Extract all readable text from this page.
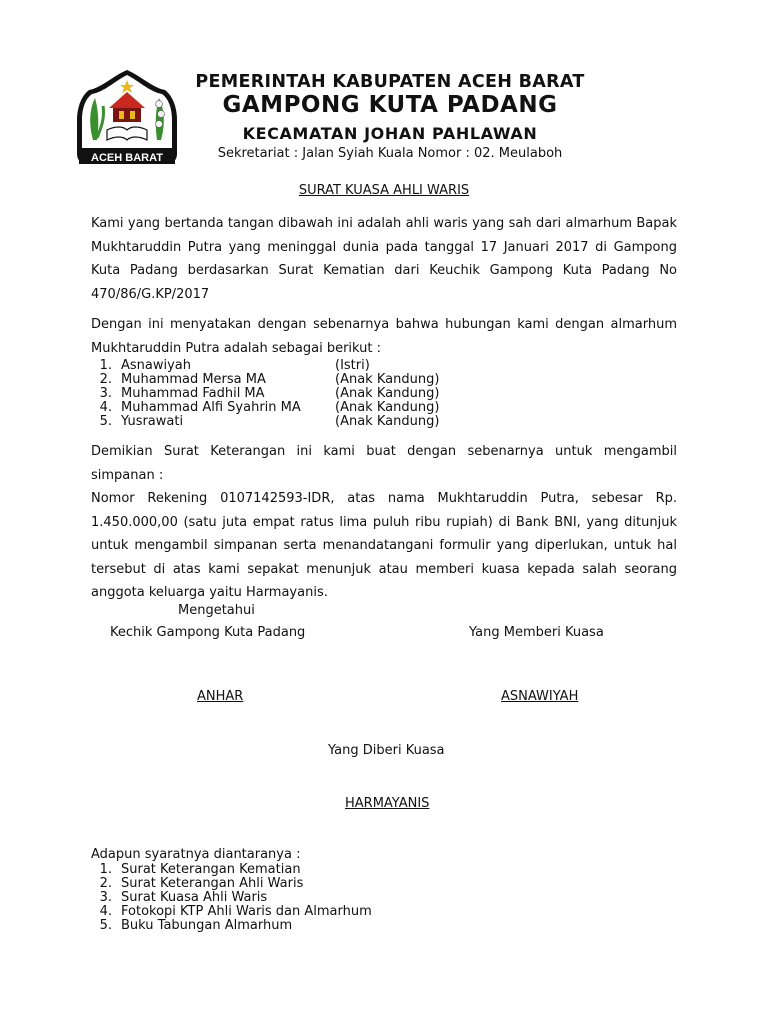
ACEH BARAT
PEMERINTAH KABUPATEN ACEH BARAT
GAMPONG KUTA PADANG
KECAMATAN JOHAN PAHLAWAN
Sekretariat : Jalan Syiah Kuala Nomor : 02. Meulaboh
SURAT KUASA AHLI WARIS
Kami yang bertanda tangan dibawah ini adalah ahli waris yang sah dari almarhum Bapak Mukhtaruddin Putra yang meninggal dunia pada tanggal 17 Januari 2017 di Gampong Kuta Padang berdasarkan Surat Kematian dari Keuchik Gampong Kuta Padang No 470/86/G.KP/2017
Dengan ini menyatakan dengan sebenarnya bahwa hubungan kami dengan almarhum Mukhtaruddin Putra adalah sebagai berikut :
1. Asnawiyah	(Istri)
2. Muhammad Mersa MA	(Anak Kandung)
3. Muhammad Fadhil MA	(Anak Kandung)
4. Muhammad Alfi Syahrin MA	(Anak Kandung)
5. Yusrawati	(Anak Kandung)
Demikian Surat Keterangan ini kami buat dengan sebenarnya untuk mengambil simpanan :
Nomor Rekening 0107142593-IDR, atas nama Mukhtaruddin Putra, sebesar Rp. 1.450.000,00 (satu juta empat ratus lima puluh ribu rupiah) di Bank BNI, yang ditunjuk untuk mengambil simpanan serta menandatangani formulir yang diperlukan, untuk hal tersebut di atas kami sepakat menunjuk atau memberi kuasa kepada salah seorang anggota keluarga yaitu Harmayanis.
Mengetahui
Kechik Gampong Kuta Padang	Yang Memberi Kuasa
ANHAR	ASNAWIYAH
Yang Diberi Kuasa
HARMAYANIS
Adapun syaratnya diantaranya :
1. Surat Keterangan Kematian
2. Surat Keterangan Ahli Waris
3. Surat Kuasa Ahli Waris
4. Fotokopi KTP Ahli Waris dan Almarhum
5. Buku Tabungan Almarhum
